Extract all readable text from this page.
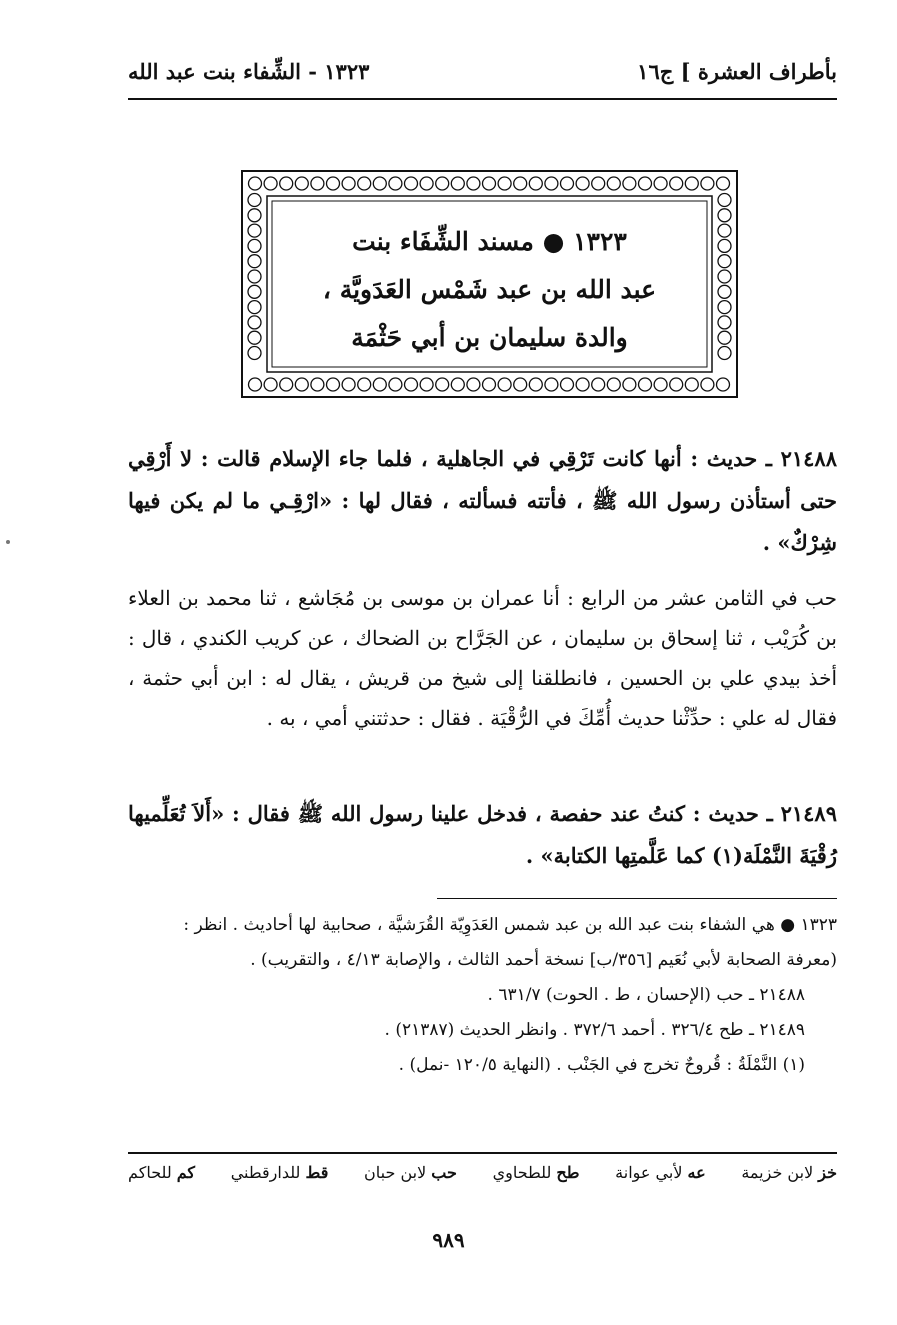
بأطراف العشرة ] ج١٦
١٣٢٣ - الشِّفاء بنت عبد الله
١٣٢٣ ● مسند الشِّفَاء بنت
عبد الله بن عبد شَمْس العَدَويَّة ،
والدة سليمان بن أبي حَثْمَة
٢١٤٨٨ ـ حديث : أنها كانت تَرْقِي في الجاهلية ، فلما جاء الإسلام قالت : لا أَرْقِي حتى أستأذن رسول الله ﷺ ، فأتته فسألته ، فقال لها : «ارْقِـي ما لم يكن فيها شِرْكٌ» .
حب في الثامن عشر من الرابع : أنا عمران بن موسى بن مُجَاشع ، ثنا محمد بن العلاء بن كُرَيْب ، ثنا إسحاق بن سليمان ، عن الجَرَّاح بن الضحاك ، عن كريب الكندي ، قال : أخذ بيدي علي بن الحسين ، فانطلقنا إلى شيخ من قريش ، يقال له : ابن أبي حثمة ، فقال له علي : حدِّثْنا حديث أُمِّكَ في الرُّقْيَة . فقال : حدثتني أمي ، به .
٢١٤٨٩ ـ حديث : كنتُ عند حفصة ، فدخل علينا رسول الله ﷺ فقال : «أَلاَ تُعَلِّميها رُقْيَةَ النَّمْلَة(١) كما عَلَّمتِها الكتابة» .
١٣٢٣ ● هي الشفاء بنت عبد الله بن عبد شمس العَدَوِيّة القُرَشيَّة ، صحابية لها أحاديث . انظر : (معرفة الصحابة لأبي نُعَيم [٣٥٦/ب] نسخة أحمد الثالث ، والإصابة ٤/١٣ ، والتقريب) .
٢١٤٨٨ ـ حب (الإحسان ، ط . الحوت) ٦٣١/٧ .
٢١٤٨٩ ـ طح ٣٢٦/٤ . أحمد ٣٧٢/٦ . وانظر الحديث (٢١٣٨٧) .
(١) النَّمْلَةُ : قُروحٌ تخرج في الجَنْب . (النهاية ١٢٠/٥ -نمل) .
خز لابن خزيمة
عه لأبي عوانة
طح للطحاوي
حب لابن حبان
قط للدارقطني
كم للحاكم
٩٨٩
